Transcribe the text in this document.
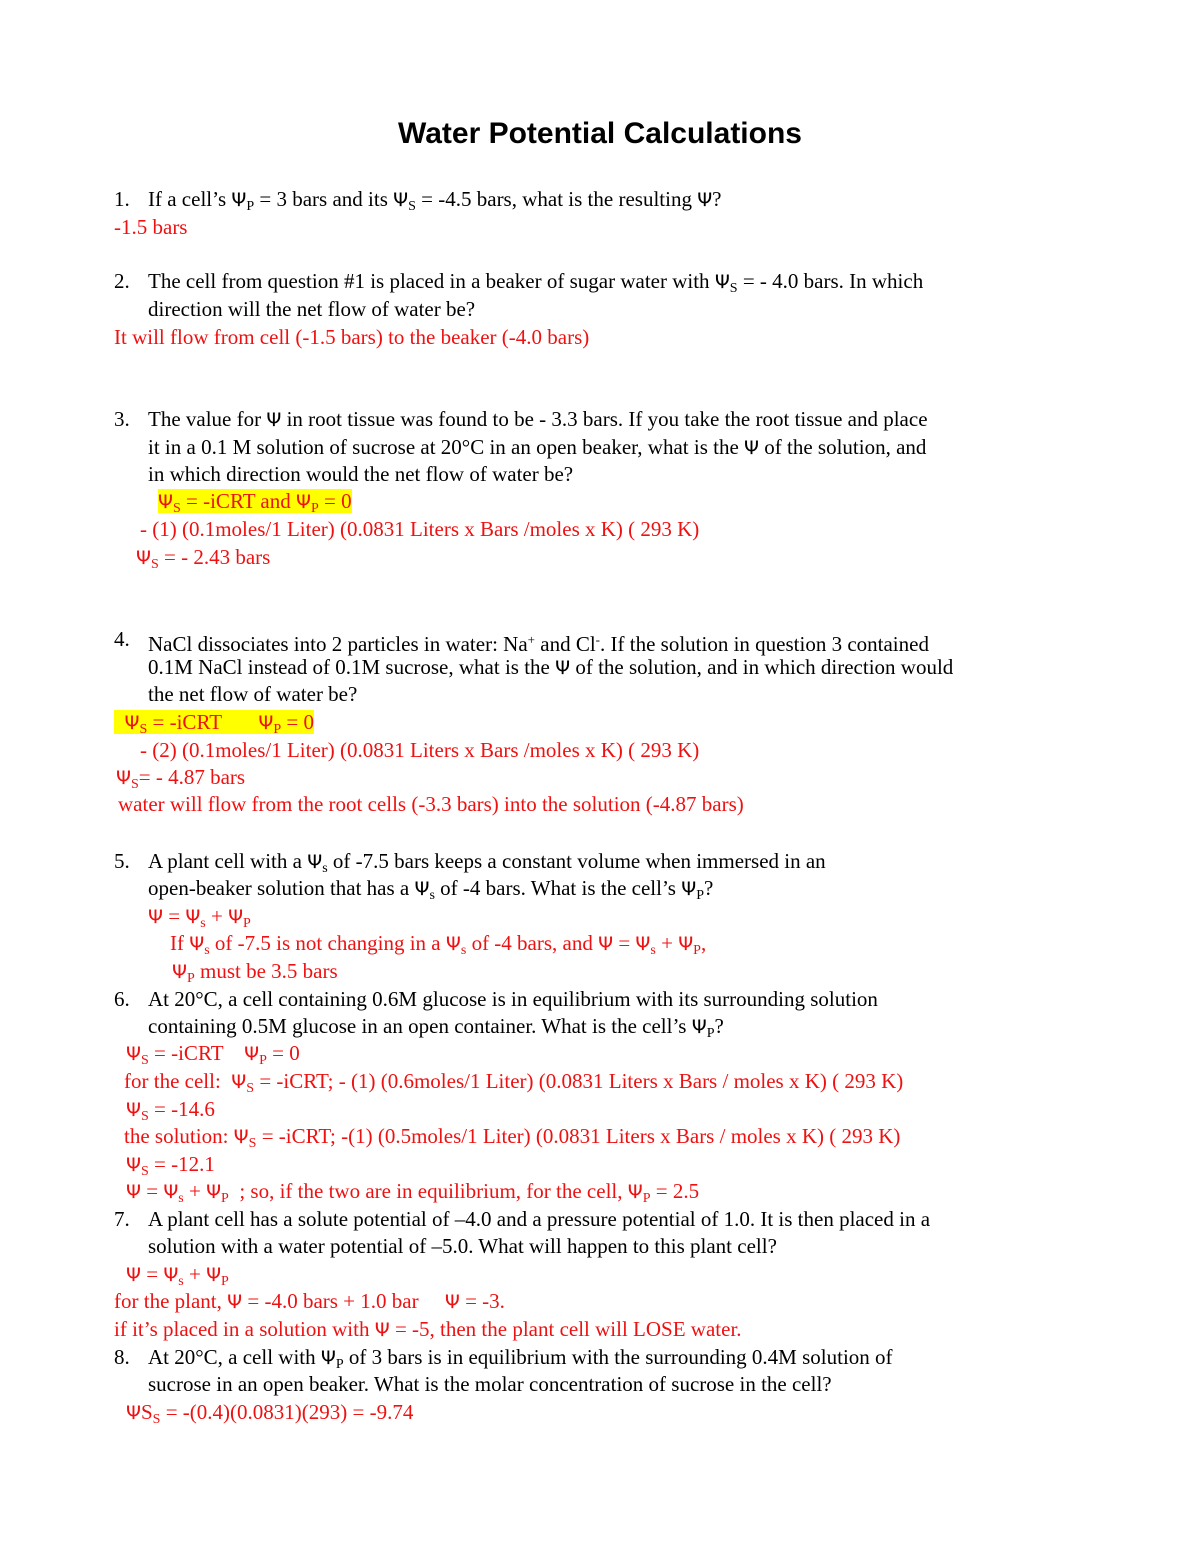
Water Potential Calculations
1. If a cell’s $\Psi_P = 3$ bars and its $\Psi_S = -4.5$ bars, what is the resulting Ψ?
-1.5 bars
2. The cell from question #1 is placed in a beaker of sugar water with $\Psi_S$ = - 4.0 bars. In which
direction will the net flow of water be?
It will flow from cell (-1.5 bars) to the beaker (-4.0 bars)
3. The value for Ψ in root tissue was found to be - 3.3 bars. If you take the root tissue and place
it in a 0.1 M solution of sucrose at 20°C in an open beaker, what is the Ψ of the solution, and
in which direction would the net flow of water be?
$\Psi_S$ = -iCRT and $\Psi_P = 0$
- (1) (0.1moles/1 Liter) (0.0831 Liters x Bars /moles x K) ( 293 K)
$\Psi_S$ = - 2.43 bars
4. NaCl dissociates into 2 particles in water: Na+ and Cl-. If the solution in question 3 contained
0.1M NaCl instead of 0.1M sucrose, what is the Ψ of the solution, and in which direction would
the net flow of water be?
$\Psi_S$ = -iCRT       $\Psi_P = 0$
- (2) (0.1moles/1 Liter) (0.0831 Liters x Bars /moles x K) ( 293 K)
$\Psi_S= - 4.87$ bars
water will flow from the root cells (-3.3 bars) into the solution (-4.87 bars)
5. A plant cell with a $\Psi_s$ of -7.5 bars keeps a constant volume when immersed in an
open-beaker solution that has a $\Psi_s$ of -4 bars. What is the cell’s $\Psi_P$?
$\Psi = \Psi_s + \Psi_P$
If $\Psi_s$ of -7.5 is not changing in a $\Psi_s$ of -4 bars, and $\Psi = \Psi_s + \Psi_P$,
$\Psi_P$ must be 3.5 bars
6. At 20°C, a cell containing 0.6M glucose is in equilibrium with its surrounding solution
containing 0.5M glucose in an open container. What is the cell’s $\Psi_P$?
$\Psi_S$ = -iCRT    $\Psi_P = 0$
for the cell:  $\Psi_S$ = -iCRT; - (1) (0.6moles/1 Liter) (0.0831 Liters x Bars / moles x K) ( 293 K)
$\Psi_S = -14.6$
the solution: $\Psi_S$ = -iCRT; -(1) (0.5moles/1 Liter) (0.0831 Liters x Bars / moles x K) ( 293 K)
$\Psi_S = -12.1$
$\Psi = \Psi_s + \Psi_P$  ; so, if the two are in equilibrium, for the cell, $\Psi_P = 2.5$
7. A plant cell has a solute potential of –4.0 and a pressure potential of 1.0. It is then placed in a
solution with a water potential of –5.0. What will happen to this plant cell?
$\Psi = \Psi_s + \Psi_P$
for the plant, Ψ = -4.0 bars + 1.0 bar     Ψ = -3.
if it’s placed in a solution with Ψ = -5, then the plant cell will LOSE water.
8. At 20°C, a cell with $\Psi_P$ of 3 bars is in equilibrium with the surrounding 0.4M solution of
sucrose in an open beaker. What is the molar concentration of sucrose in the cell?
$\Psi S_S = -(0.4)(0.0831)(293) = -9.74$
